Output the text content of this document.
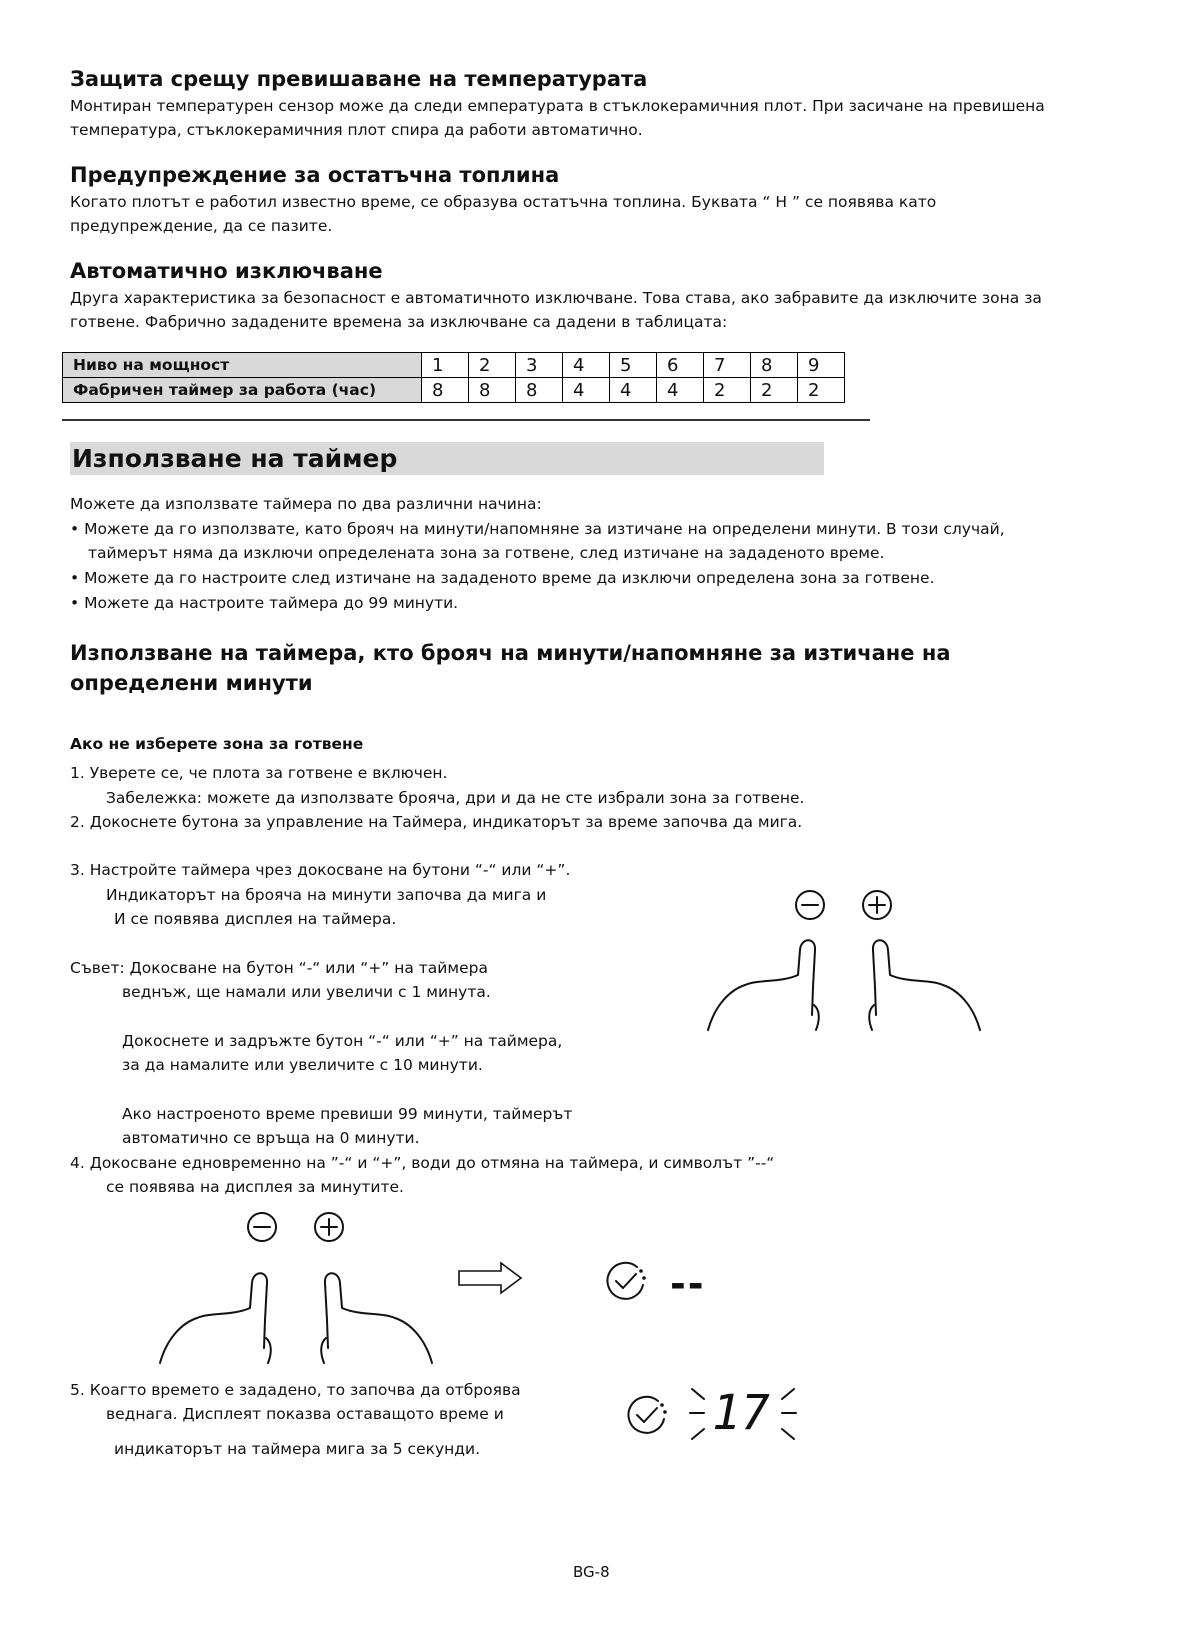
Защита срещу превишаване на температурата
Монтиран температурен сензор може да следи емпературата в стъклокерамичния плот. При засичане на превишена
температура, стъклокерамичния плот спира да работи автоматично.
Предупреждение за остатъчна топлина
Когато плотът е работил известно време, се образува остатъчна топлина. Буквата “ H ” се появява като
предупреждение, да се пазите.
Автоматично изключване
Друга характеристика за безопасност е автоматичното изключване. Това става, ако забравите да изключите зона за
готвене. Фабрично зададените времена за изключване са дадени в таблицата:
Ниво на мощност	1	2	3	4	5	6	7	8	9
Фабричен таймер за работа (час)	8	8	8	4	4	4	2	2	2
Използване на таймер
Можете да използвате таймера по два различни начина:
• Можете да го използвате, като брояч на минути/напомняне за изтичане на определени минути. В този случай,
таймерът няма да изключи определената зона за готвене, след изтичане на зададеното време.
• Можете да го настроите след изтичане на зададеното време да изключи определена зона за готвене.
• Можете да настроите таймера до 99 минути.
Използване на таймера, кто брояч на минути/напомняне за изтичане на
определени минути
Ако не изберете зона за готвене
1. Уверете се, че плота за готвене е включен.
Забележка: можете да използвате брояча, дри и да не сте избрали зона за готвене.
2. Докоснете бутона за управление на Таймера, индикаторът за време започва да мига.
3. Настройте таймера чрез докосване на бутони “-“ или “+”.
Индикаторът на брояча на минути започва да мига и
И се появява дисплея на таймера.
Съвет: Докосване на бутон “-“ или “+” на таймера
веднъж, ще намали или увеличи с 1 минута.
Докоснете и задръжте бутон “-“ или “+” на таймера,
за да намалите или увеличите с 10 минути.
Ако настроеното време превиши 99 минути, таймерът
автоматично се връща на 0 минути.
4. Докосване едновременно на ”-“ и “+”, води до отмяна на таймера, и символът ”--“
се появява на дисплея за минутите.
5. Коагто времето е зададено, то започва да отброява
веднага. Дисплеят показва оставащото време и
индикаторът на таймера мига за 5 секунди.
--
17
BG-8
